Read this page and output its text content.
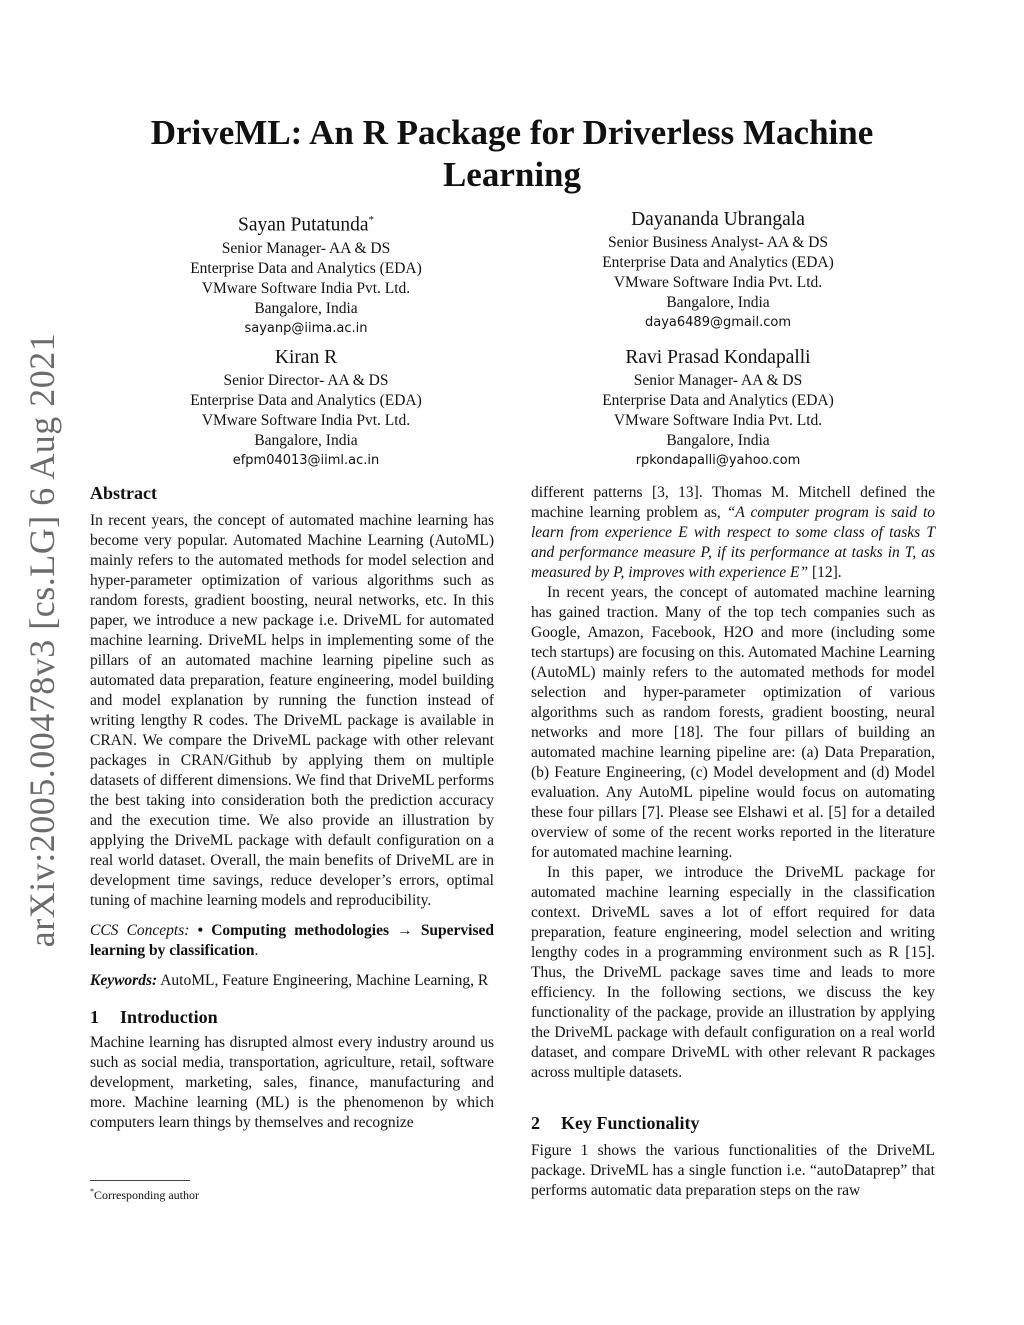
arXiv:2005.00478v3 [cs.LG] 6 Aug 2021
DriveML: An R Package for Driverless Machine
Learning
Sayan Putatunda*
Senior Manager- AA & DS
Enterprise Data and Analytics (EDA)
VMware Software India Pvt. Ltd.
Bangalore, India
sayanp@iima.ac.in
Dayananda Ubrangala
Senior Business Analyst- AA & DS
Enterprise Data and Analytics (EDA)
VMware Software India Pvt. Ltd.
Bangalore, India
daya6489@gmail.com
Kiran R
Senior Director- AA & DS
Enterprise Data and Analytics (EDA)
VMware Software India Pvt. Ltd.
Bangalore, India
efpm04013@iiml.ac.in
Ravi Prasad Kondapalli
Senior Manager- AA & DS
Enterprise Data and Analytics (EDA)
VMware Software India Pvt. Ltd.
Bangalore, India
rpkondapalli@yahoo.com
Abstract

In recent years, the concept of automated machine learning has become very popular. Automated Machine Learning (AutoML) mainly refers to the automated methods for model selection and hyper-parameter optimization of various algorithms such as random forests, gradient boosting, neural networks, etc. In this paper, we introduce a new package i.e. DriveML for automated machine learning. DriveML helps in implementing some of the pillars of an automated machine learning pipeline such as automated data preparation, feature engineering, model building and model explanation by running the function instead of writing lengthy R codes. The DriveML package is available in CRAN. We compare the DriveML package with other relevant packages in CRAN/Github by applying them on multiple datasets of different dimensions. We find that DriveML performs the best taking into consideration both the prediction accuracy and the execution time. We also provide an illustration by applying the DriveML package with default configuration on a real world dataset. Overall, the main benefits of DriveML are in development time savings, reduce developer’s errors, optimal tuning of machine learning models and reproducibility.

CCS Concepts: • Computing methodologies → Supervised learning by classification.

Keywords: AutoML, Feature Engineering, Machine Learning, R

1 Introduction

Machine learning has disrupted almost every industry around us such as social media, transportation, agriculture, retail, software development, marketing, sales, finance, manufacturing and more. Machine learning (ML) is the phenomenon by which computers learn things by themselves and recognize

*Corresponding author

different patterns [3, 13]. Thomas M. Mitchell defined the machine learning problem as, “A computer program is said to learn from experience E with respect to some class of tasks T and performance measure P, if its performance at tasks in T, as measured by P, improves with experience E” [12].

In recent years, the concept of automated machine learning has gained traction. Many of the top tech companies such as Google, Amazon, Facebook, H2O and more (including some tech startups) are focusing on this. Automated Machine Learning (AutoML) mainly refers to the automated methods for model selection and hyper-parameter optimization of various algorithms such as random forests, gradient boosting, neural networks and more [18]. The four pillars of building an automated machine learning pipeline are: (a) Data Preparation, (b) Feature Engineering, (c) Model development and (d) Model evaluation. Any AutoML pipeline would focus on automating these four pillars [7]. Please see Elshawi et al. [5] for a detailed overview of some of the recent works reported in the literature for automated machine learning.

In this paper, we introduce the DriveML package for automated machine learning especially in the classification context. DriveML saves a lot of effort required for data preparation, feature engineering, model selection and writing lengthy codes in a programming environment such as R [15]. Thus, the DriveML package saves time and leads to more efficiency. In the following sections, we discuss the key functionality of the package, provide an illustration by applying the DriveML package with default configuration on a real world dataset, and compare DriveML with other relevant R packages across multiple datasets.

2 Key Functionality

Figure 1 shows the various functionalities of the DriveML package. DriveML has a single function i.e. “autoDataprep” that performs automatic data preparation steps on the raw
